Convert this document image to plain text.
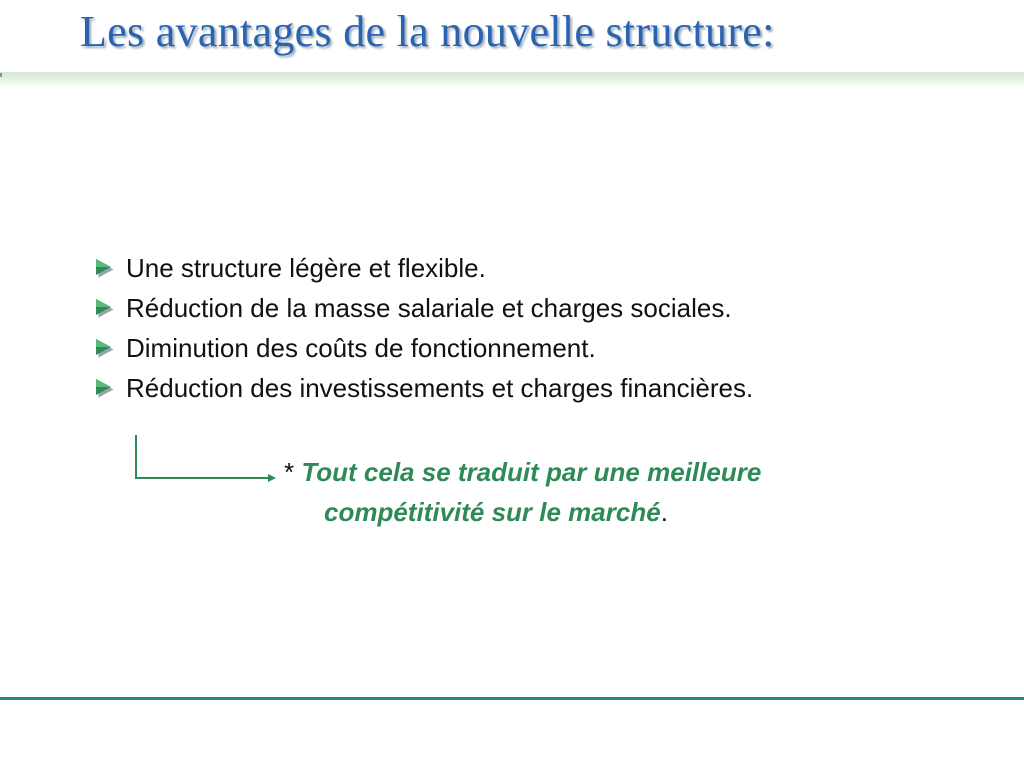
Les avantages de la nouvelle structure:
Une structure légère et flexible.
Réduction de la masse salariale et charges sociales.
Diminution des coûts de fonctionnement.
Réduction des investissements et charges financières.
* Tout cela se traduit par une meilleure
compétitivité sur le marché.
